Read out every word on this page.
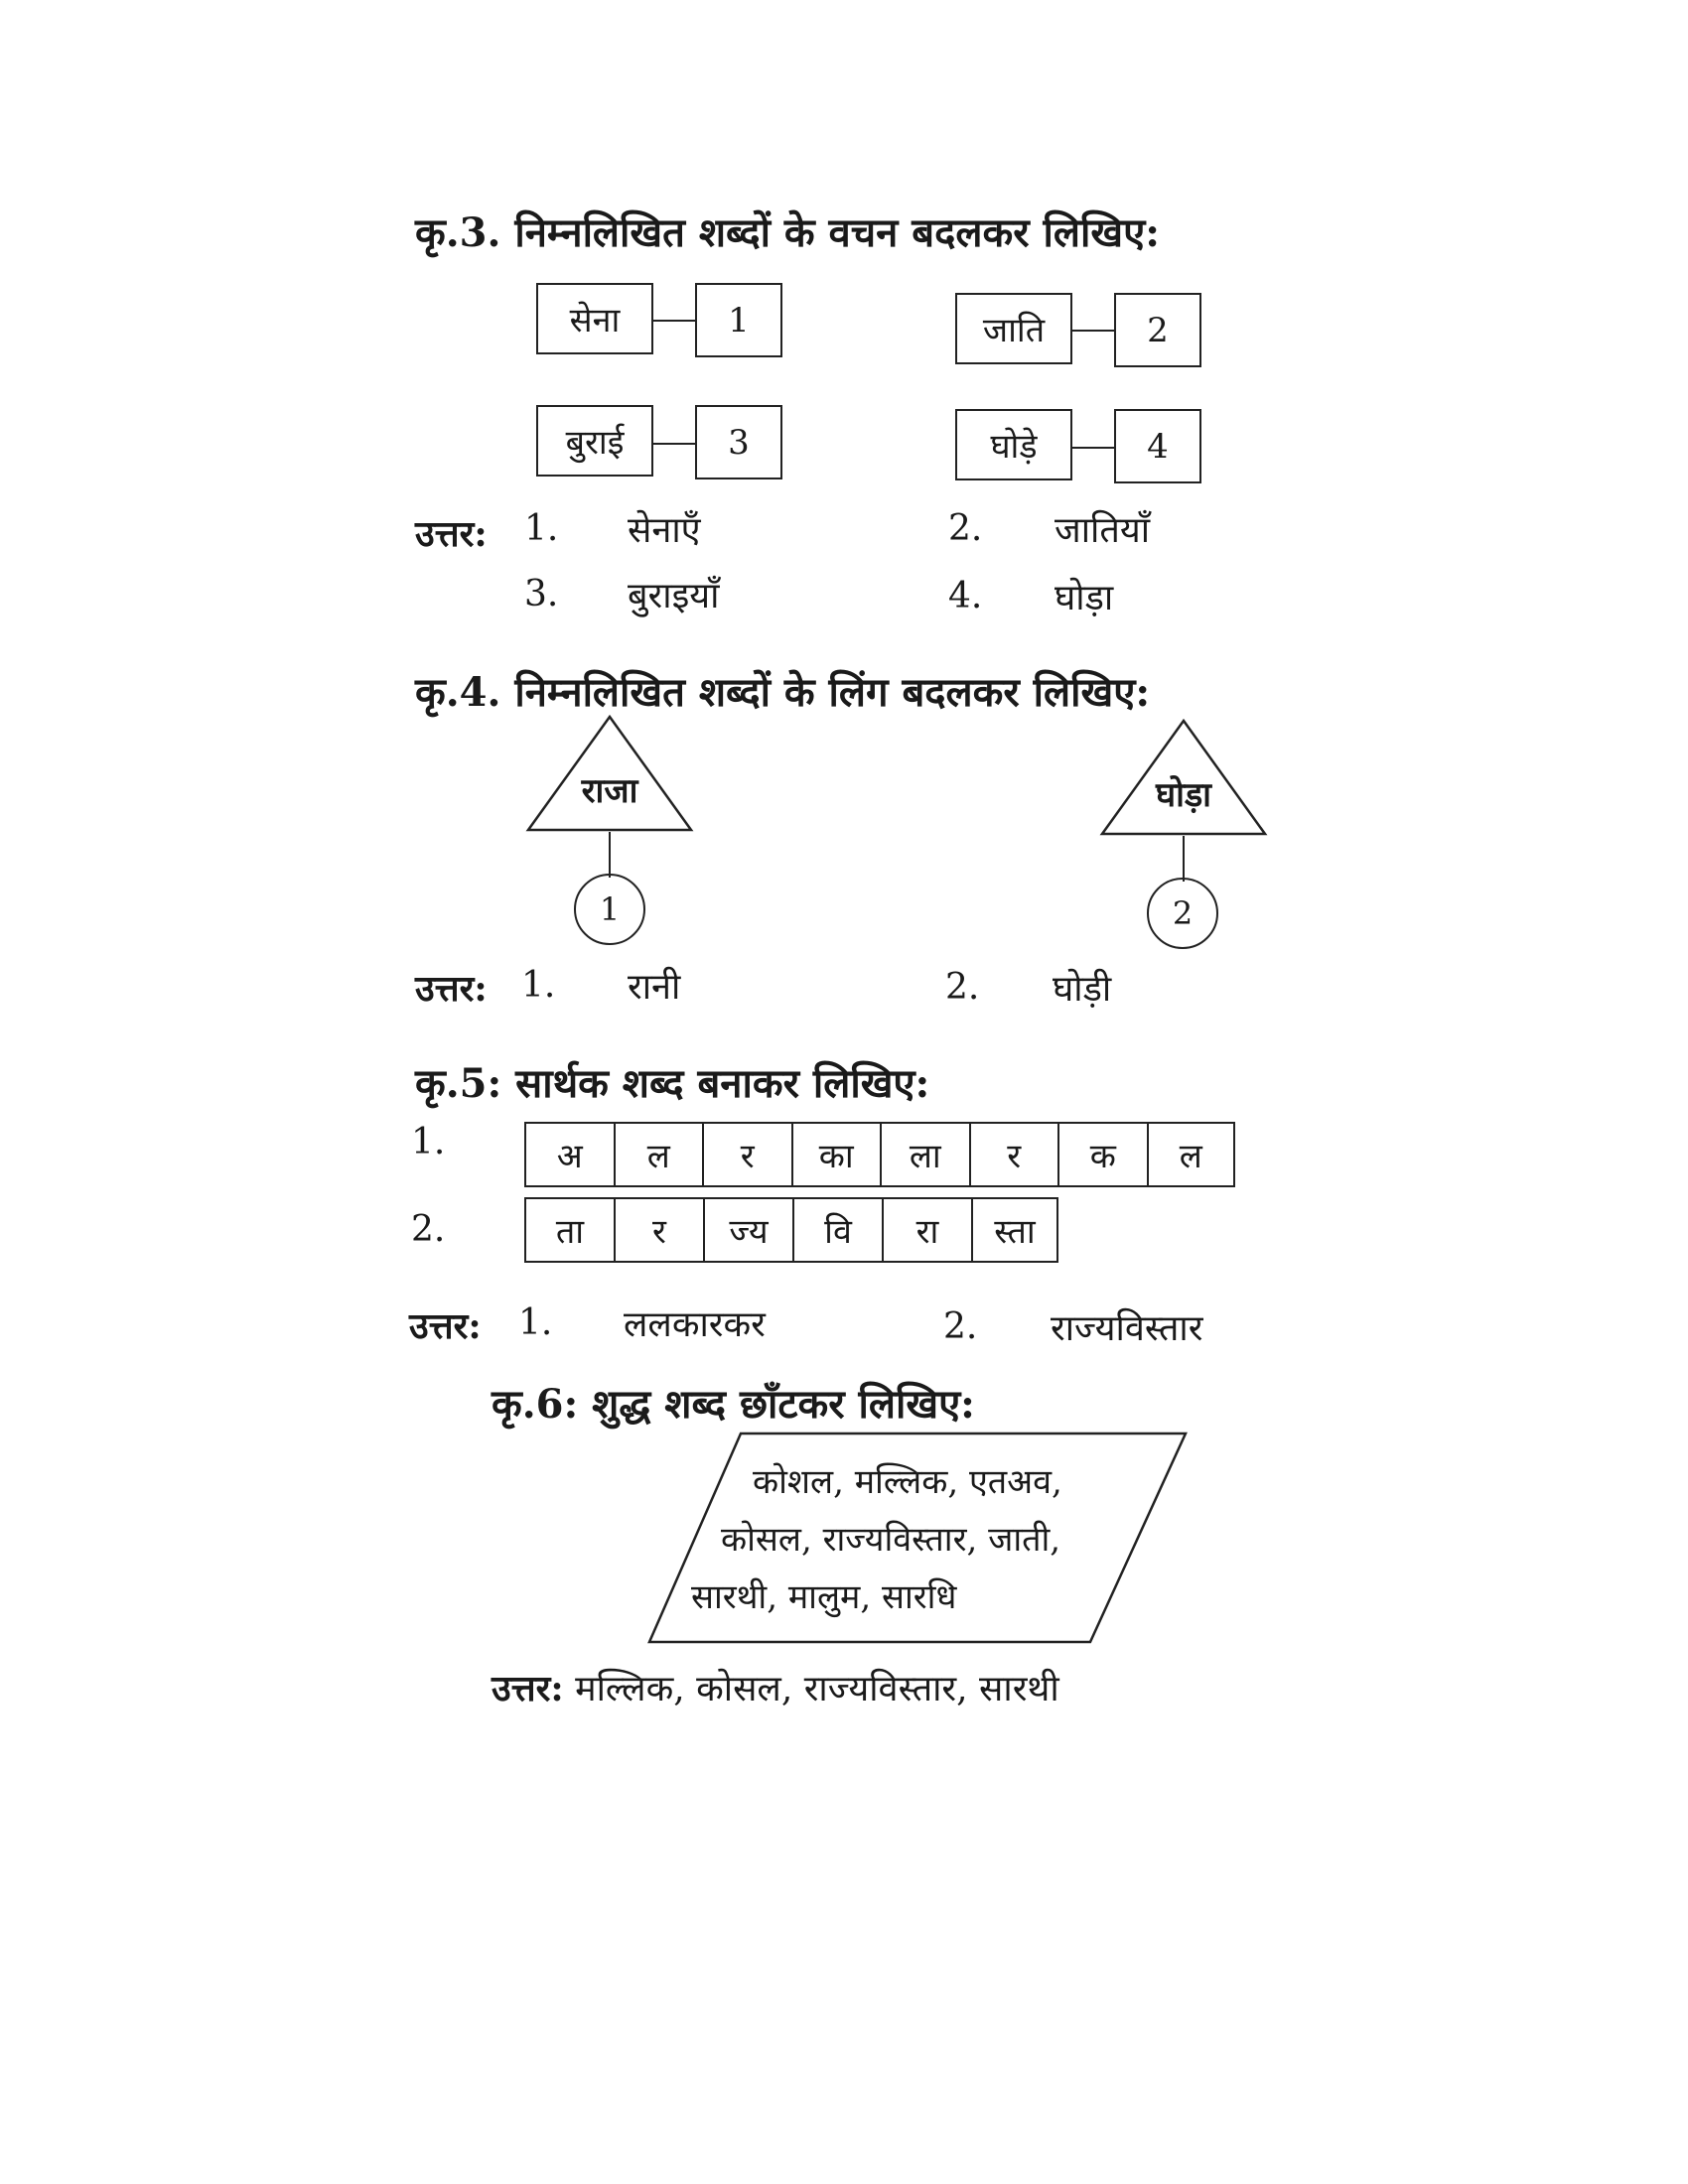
कृ.3. निम्नलिखित शब्दों के वचन बदलकर लिखिए:
सेना	1	जाति	2
बुराई	3	घोड़े	4
उत्तर: 1. सेनाएँ	2. जातियाँ
3. बुराइयाँ	4. घोड़ा
कृ.4. निम्नलिखित शब्दों के लिंग बदलकर लिखिए:
राजा
1
घोड़ा
2
उत्तर: 1. रानी	2. घोड़ी
कृ.5: सार्थक शब्द बनाकर लिखिए:
1.	अ	ल	र	का	ला	र	क	ल
2.	ता	र	ज्य	वि	रा	स्ता
उत्तर: 1. ललकारकर	2. राज्यविस्तार
कृ.6: शुद्ध शब्द छाँटकर लिखिए:
कोशल, मल्लिक, एतअव,
कोसल, राज्यविस्तार, जाती,
सारथी, मालुम, सारधि
उत्तर: मल्लिक, कोसल, राज्यविस्तार, सारथी
